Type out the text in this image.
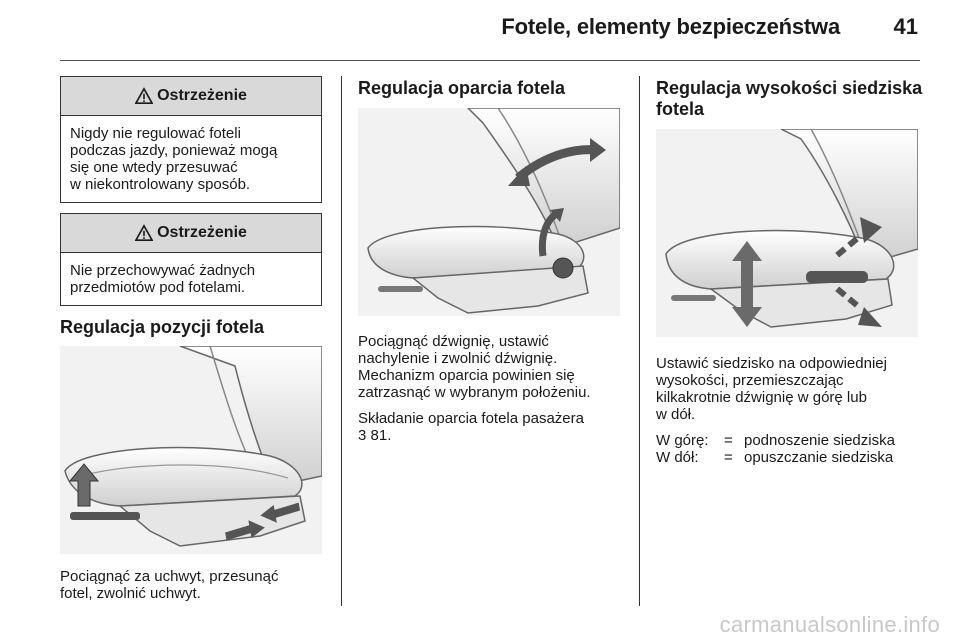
Fotele, elementy bezpieczeństwa 41
Ostrzeżenie
Nigdy nie regulować foteli
podczas jazdy, ponieważ mogą
się one wtedy przesuwać
w niekontrolowany sposób.
Ostrzeżenie
Nie przechowywać żadnych
przedmiotów pod fotelami.
Regulacja pozycji fotela
Pociągnąć za uchwyt, przesunąć
fotel, zwolnić uchwyt.
Regulacja oparcia fotela
Pociągnąć dźwignię, ustawić
nachylenie i zwolnić dźwignię.
Mechanizm oparcia powinien się
zatrzasnąć w wybranym położeniu.
Składanie oparcia fotela pasażera
3 81.
Regulacja wysokości siedziska
fotela
Ustawić siedzisko na odpowiedniej
wysokości, przemieszczając
kilkakrotnie dźwignię w górę lub
w dół.
W górę:	= podnoszenie siedziska
W dół:	= opuszczanie siedziska
carmanualsonline.info
